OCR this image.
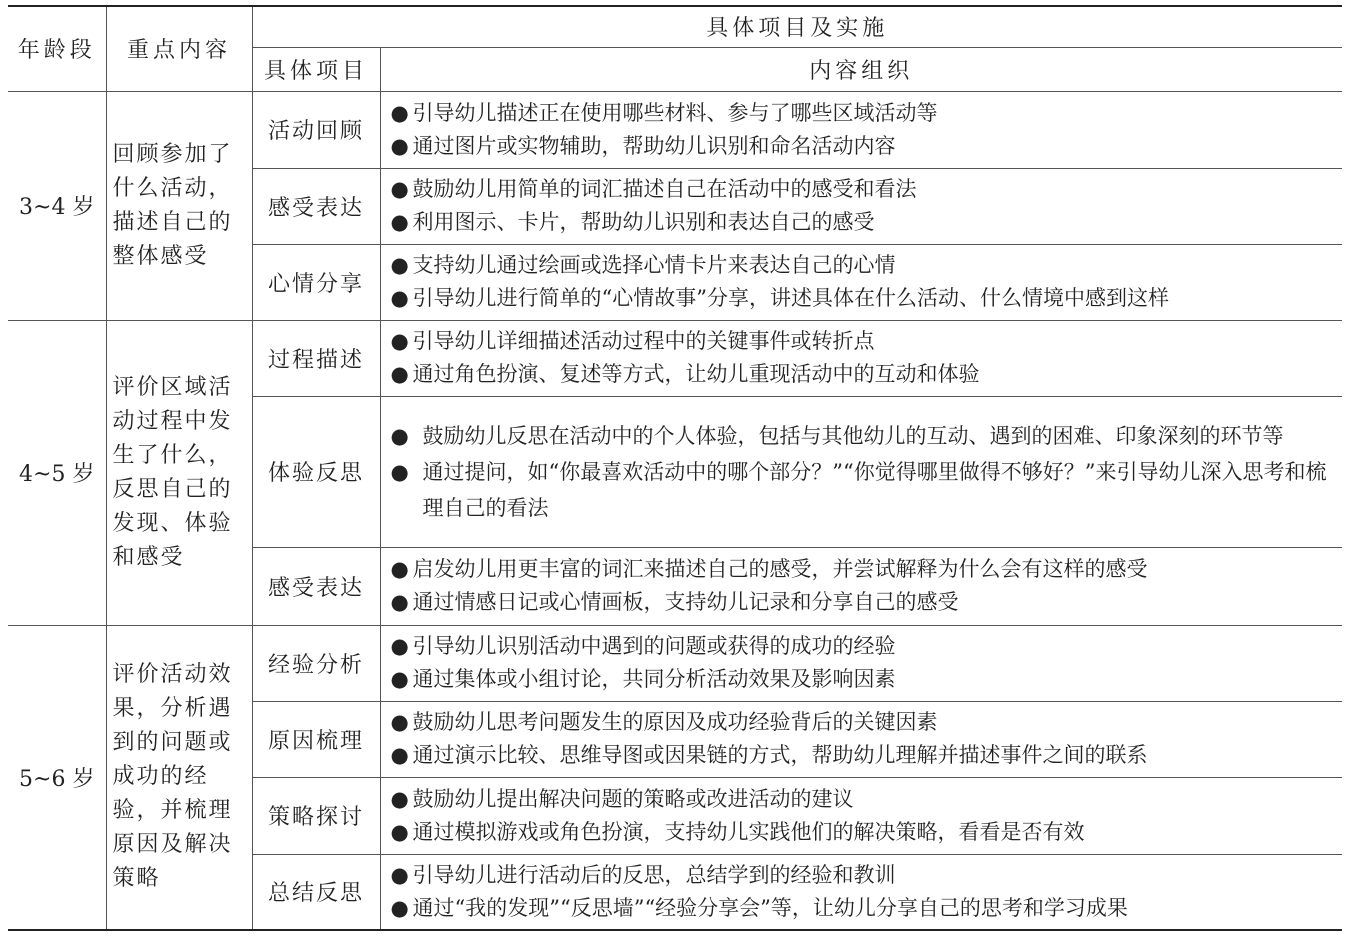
年龄段	重点内容	具体项目及实施	
		具体项目	内容组织
3~4 岁	回顾参加了什么活动，描述自己的整体感受	活动回顾	● 引导幼儿描述正在使用哪些材料、参与了哪些区域活动等
● 通过图片或实物辅助，帮助幼儿识别和命名活动内容

		感受表达	● 鼓励幼儿用简单的词汇描述自己在活动中的感受和看法
● 利用图示、卡片，帮助幼儿识别和表达自己的感受

		心情分享	● 支持幼儿通过绘画或选择心情卡片来表达自己的心情
● 引导幼儿进行简单的“心情故事”分享，讲述具体在什么活动、什么情境中感到这样

4~5 岁	评价区域活动过程中发生了什么，反思自己的发现、体验和感受	过程描述	● 引导幼儿详细描述活动过程中的关键事件或转折点
● 通过角色扮演、复述等方式，让幼儿重现活动中的互动和体验

		体验反思	● 鼓励幼儿反思在活动中的个人体验，包括与其他幼儿的互动、遇到的困难、印象深刻的环节等
● 通过提问，如“你最喜欢活动中的哪个部分？”“你觉得哪里做得不够好？”来引导幼儿深入思考和梳理自己的看法

		感受表达	● 启发幼儿用更丰富的词汇来描述自己的感受，并尝试解释为什么会有这样的感受
● 通过情感日记或心情画板，支持幼儿记录和分享自己的感受

5~6 岁	评价活动效果，分析遇到的问题或成功的经验，并梳理原因及解决策略	经验分析	● 引导幼儿识别活动中遇到的问题或获得的成功的经验
● 通过集体或小组讨论，共同分析活动效果及影响因素

		原因梳理	● 鼓励幼儿思考问题发生的原因及成功经验背后的关键因素
● 通过演示比较、思维导图或因果链的方式，帮助幼儿理解并描述事件之间的联系

		策略探讨	● 鼓励幼儿提出解决问题的策略或改进活动的建议
● 通过模拟游戏或角色扮演，支持幼儿实践他们的解决策略，看看是否有效

		总结反思	● 引导幼儿进行活动后的反思，总结学到的经验和教训
● 通过“我的发现”“反思墙”“经验分享会”等，让幼儿分享自己的思考和学习成果
